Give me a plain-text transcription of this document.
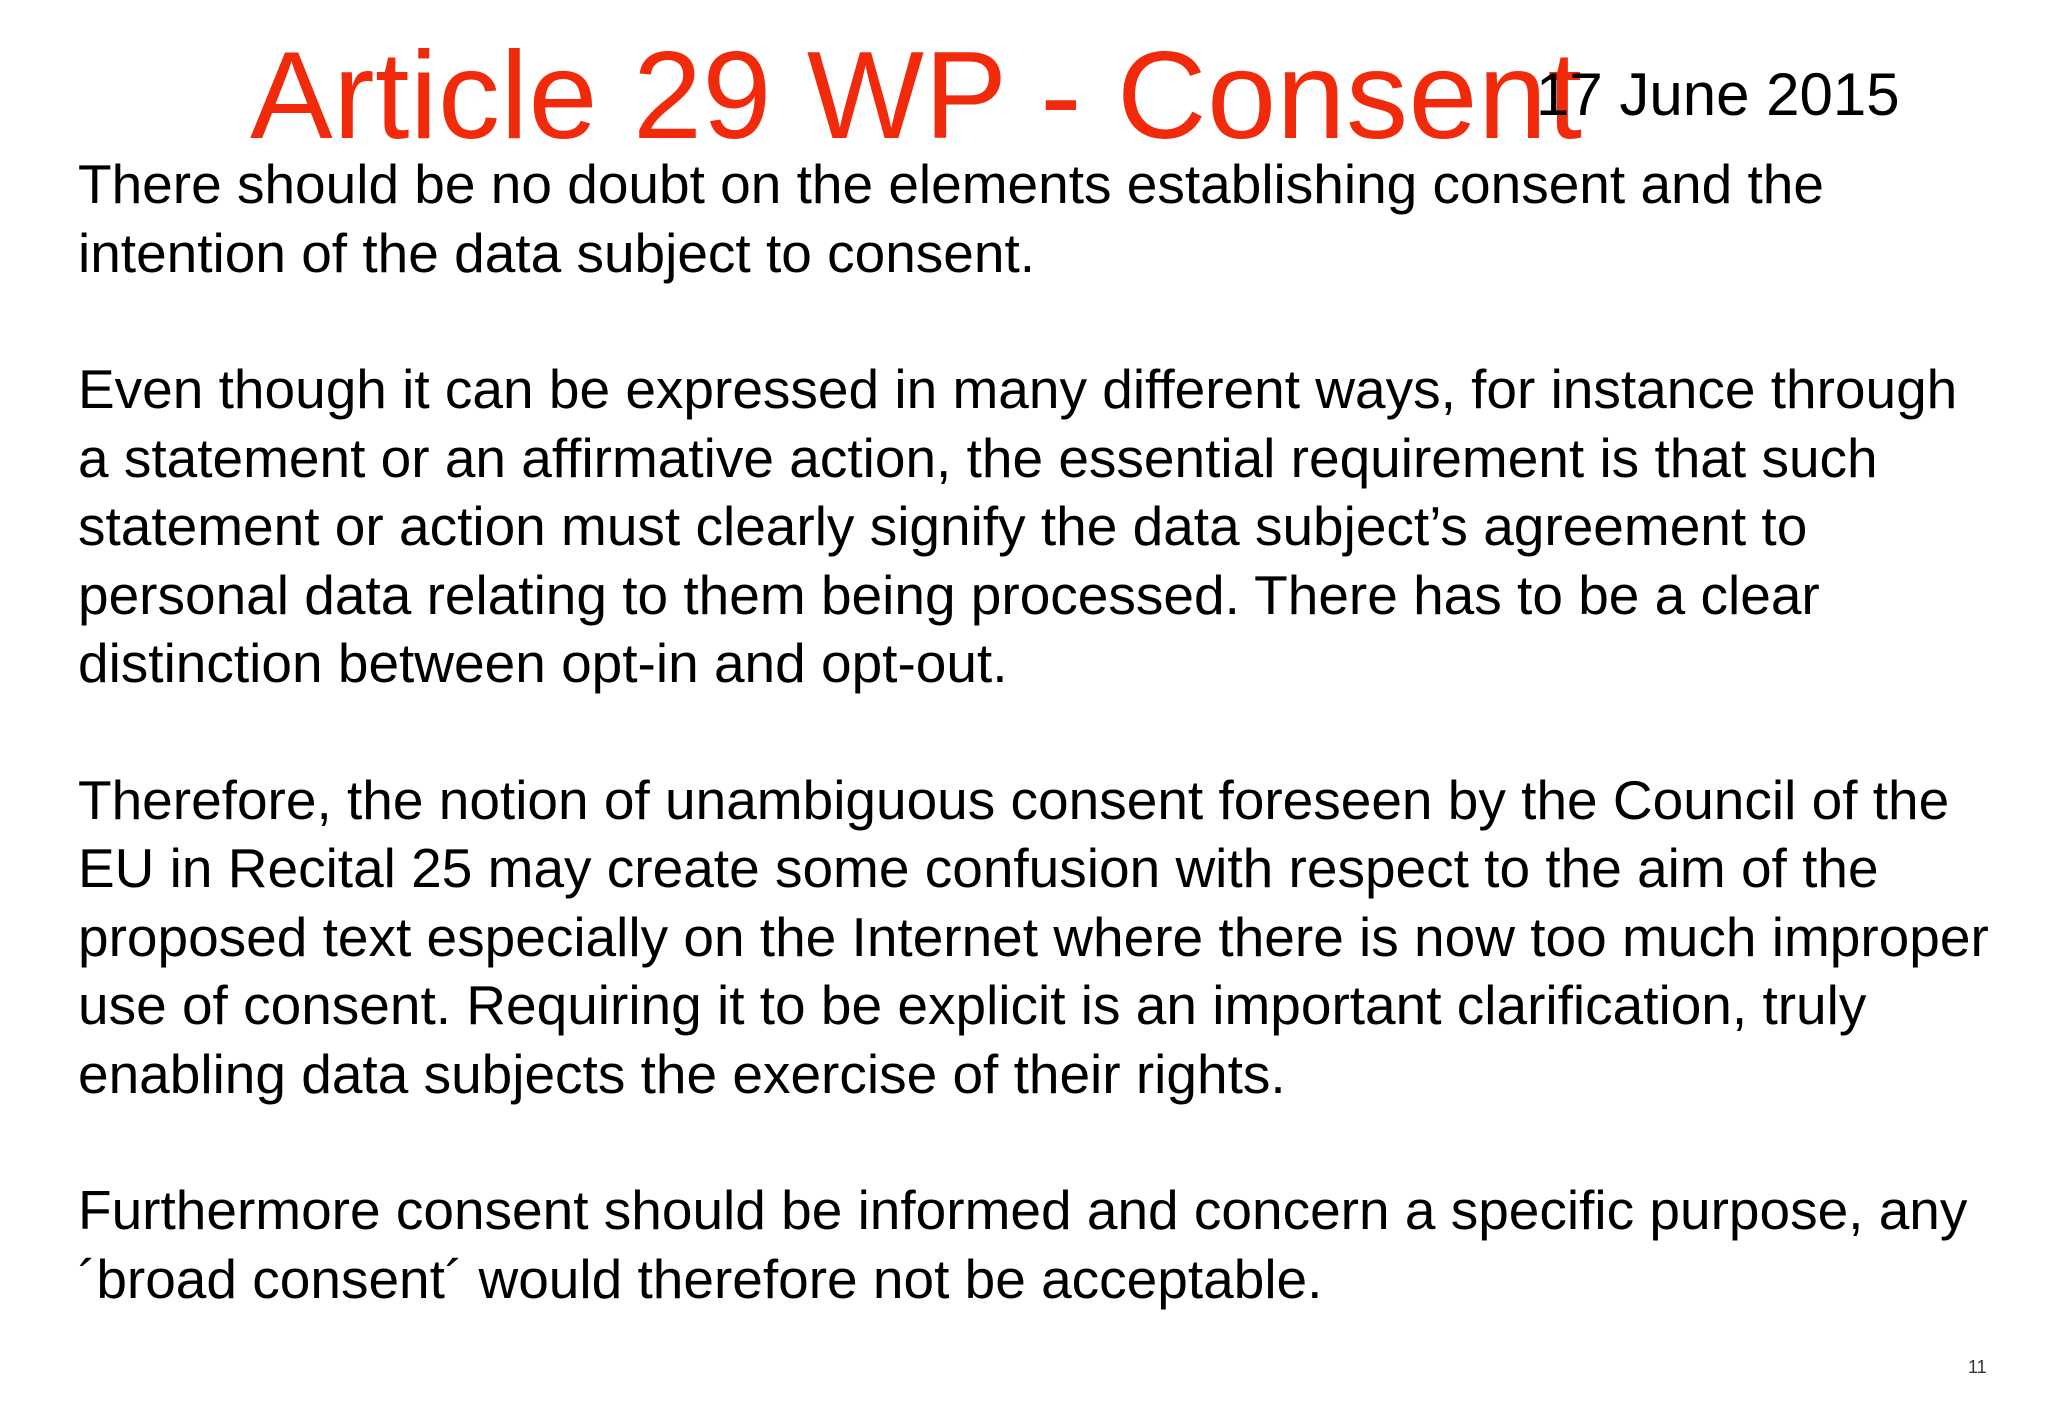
Article 29 WP - Consent
17 June 2015

There should be no doubt on the elements establishing consent and the intention of the data subject to consent.

Even though it can be expressed in many different ways, for instance through a statement or an affirmative action, the essential requirement is that such statement or action must clearly signify the data subject’s agreement to personal data relating to them being processed. There has to be a clear distinction between opt-in and opt-out.

Therefore, the notion of unambiguous consent foreseen by the Council of the EU in Recital 25 may create some confusion with respect to the aim of the proposed text especially on the Internet where there is now too much improper use of consent. Requiring it to be explicit is an important clarification, truly enabling data subjects the exercise of their rights.

Furthermore consent should be informed and concern a specific purpose, any ´broad consent´ would therefore not be acceptable.

11
